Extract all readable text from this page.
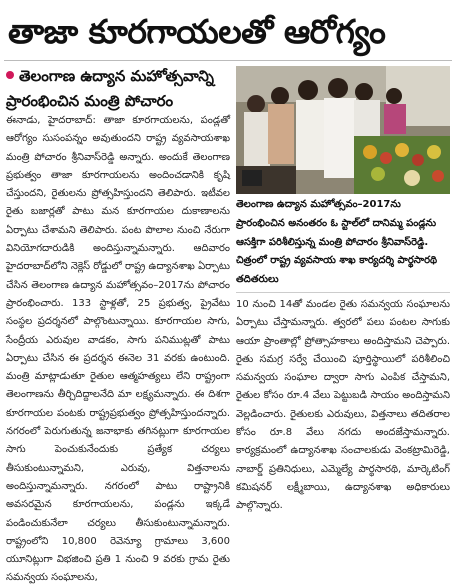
తాజా కూరగాయలతో ఆరోగ్యం
తెలంగాణ ఉద్యాన మహోత్సవాన్ని
ప్రారంభించిన మంత్రి పోచారం
తెలంగాణ ఉద్యాన మహోత్సవం–2017ను ప్రారంభించిన అనంతరం ఓ స్టాల్‌లో దానిమ్మ పండ్లను ఆసక్తిగా పరిశీలిస్తున్న మంత్రి పోచారం శ్రీనివాస్‌రెడ్డి. చిత్రంలో రాష్ట్ర వ్యవసాయ శాఖ కార్యదర్శి పార్థసారథి తదితరులు

ఈనాడు, హైదరాబాద్: తాజా కూరగాయలను, పండ్లతో ఆరోగ్యం సుసంపన్నం అవుతుందని రాష్ట్ర వ్యవసాయశాఖ మంత్రి పోచారం శ్రీనివాస్‌రెడ్డి అన్నారు. అందుకే తెలంగాణ ప్రభుత్వం తాజా కూరగాయలను అందించడానికి కృషి చేస్తుందని, రైతులను ప్రోత్సహిస్తుందని తెలిపారు. ఇటీవల రైతు బజార్లతో పాటు మన కూరగాయల దుకాణాలను ఏర్పాటు చేశామని తెలిపారు. పంట పొలాల నుంచి నేరుగా వినియోగదారుడికి అందిస్తున్నామన్నారు. ఆదివారం హైదరాబాద్‌లోని నెక్లెస్ రోడ్డులో రాష్ట్ర ఉద్యానశాఖ ఏర్పాటు చేసిన తెలంగాణ ఉద్యాన మహోత్సవం–2017ను పోచారం ప్రారంభించారు. 133 స్టాళ్లతో, 25 ప్రభుత్వ, ప్రైవేటు సంస్థల ప్రదర్శనలో పాల్గొంటున్నాయి. కూరగాయల సాగు, సేంద్రీయ ఎరువుల వాడకం, సాగు పనిముట్లతో పాటు ఏర్పాటు చేసిన ఈ ప్రదర్శన ఈనెల 31 వరకు ఉంటుంది. మంత్రి మాట్లాడుతూ రైతుల ఆత్మహత్యలు లేని రాష్ట్రంగా తెలంగాణను తీర్చిదిద్దాలనేది మా లక్ష్యమన్నారు. ఈ దిశగా కూరగాయల పంటకు రాష్ట్రప్రభుత్వం ప్రోత్సహిస్తుందన్నారు. నగరంలో పెరుగుతున్న జనాభాకు తగినట్లుగా కూరగాయల సాగు పెంచుకునేందుకు ప్రత్యేక చర్యలు తీసుకుంటున్నామని, ఎరువు, విత్తనాలను అందిస్తున్నామన్నారు. నగరంలో పాటు రాష్ట్రానికి అవసరమైన కూరగాయలను, పండ్లను ఇక్కడే పండించుకునేలా చర్యలు తీసుకుంటున్నామన్నారు. రాష్ట్రంలోని 10,800 రెవెన్యూ గ్రామాలు 3,600 యూనిట్లుగా విభజించి ప్రతి 1 నుంచి 9 వరకు గ్రామ రైతు సమన్వయ సంఘాలను,

10 నుంచి 14తో మండల రైతు సమన్వయ సంఘాలను ఏర్పాటు చేస్తామన్నారు. త్వరలో పలు పంటల సాగుకు ఆయా ప్రాంతాల్లో ప్రోత్సాహకాలు అందిస్తామని చెప్పారు. రైతు సమగ్ర సర్వే చేయించి పూర్తిస్థాయిలో పరిశీలించి సమన్వయ సంఘాల ద్వారా సాగు ఎంపిక చేస్తామని, రైతుల కోసం రూ.4 వేలు పెట్టుబడి సాయం అందిస్తామని వెల్లడించారు. రైతులకు ఎరువులు, విత్తనాలు తదితరాల కోసం రూ.8 వేలు నగదు అందజేస్తామన్నారు. కార్యక్రమంలో ఉద్యానశాఖ సంచాలకుడు వెంకట్రామిరెడ్డి, నాబార్డ్ ప్రతినిధులు, ఎమ్మెల్యే పార్థసారథి, మార్కెటింగ్ కమిషనర్ లక్ష్మీబాయి, ఉద్యానశాఖ అధికారులు పాల్గొన్నారు.
